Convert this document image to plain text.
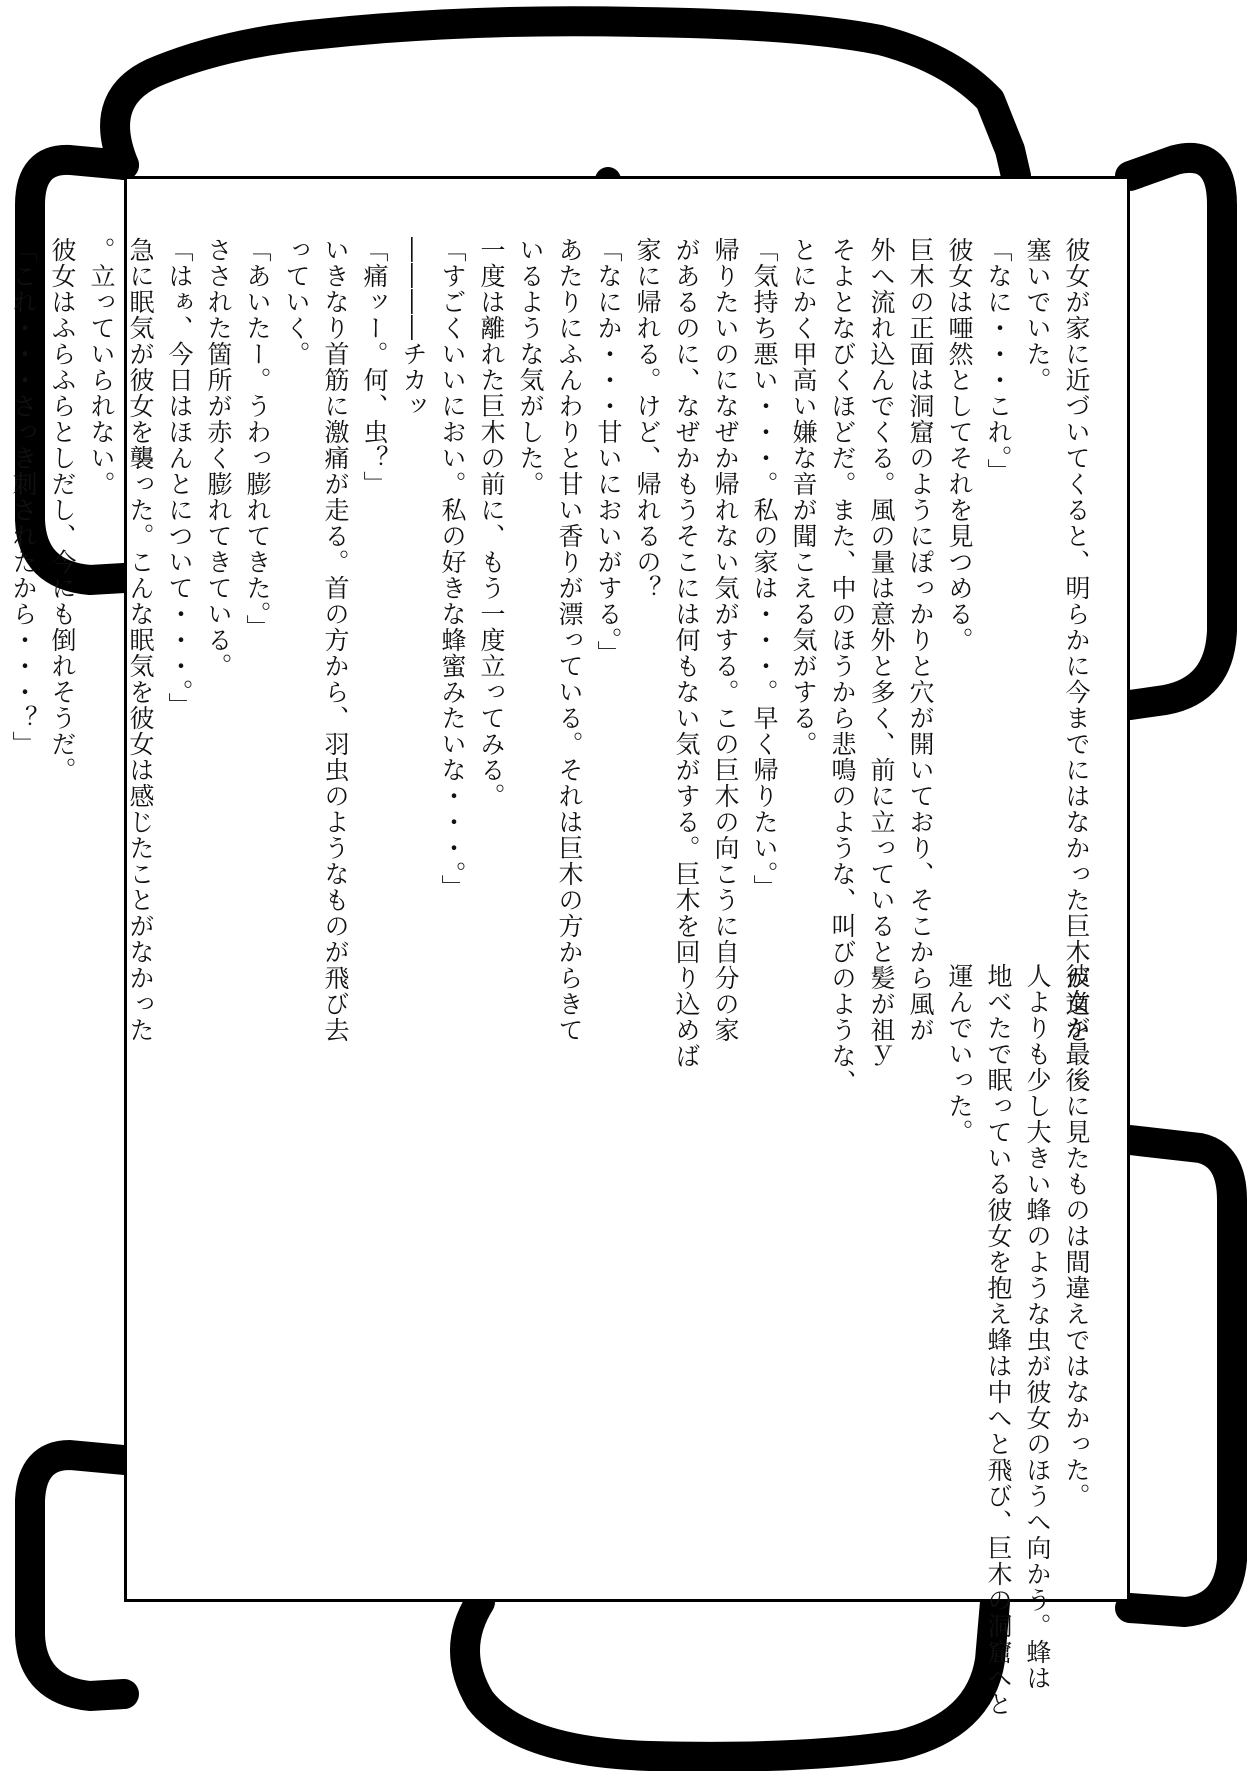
彼女が家に近づいてくると、明らかに今までにはなかった巨木が道を
塞いでいた。
「なに・・・これ。」
彼女は唖然としてそれを見つめる。
巨木の正面は洞窟のようにぽっかりと穴が開いており、そこから風が
外へ流れ込んでくる。風の量は意外と多く、前に立っていると髪が祖ｙ
そよとなびくほどだ。また、中のほうから悲鳴のような、叫びのような、
とにかく甲高い嫌な音が聞こえる気がする。
「気持ち悪い・・・。私の家は・・・。早く帰りたい。」
帰りたいのになぜか帰れない気がする。この巨木の向こうに自分の家
があるのに、なぜかもうそこには何もない気がする。巨木を回り込めば
家に帰れる。けど、帰れるの？
「なにか・・・甘いにおいがする。」
あたりにふんわりと甘い香りが漂っている。それは巨木の方からきて
いるような気がした。
一度は離れた巨木の前に、もう一度立ってみる。
「すごくいいにおい。私の好きな蜂蜜みたいな・・・。」
――――チカッ
「痛ッー。何、虫？」
いきなり首筋に激痛が走る。首の方から、羽虫のようなものが飛び去
っていく。
「あいたー。うわっ膨れてきた。」
さされた箇所が赤く膨れてきている。
「はぁ、今日はほんとについて・・・。」
急に眠気が彼女を襲った。こんな眠気を彼女は感じたことがなかった
。立っていられない。
彼女はふらふらとしだし、今にも倒れそうだ。
「これ・・・さっき刺されたから・・・？」
彼女が最後に見たものは間違えではなかった。
人よりも少し大きい蜂のような虫が彼女のほうへ向かう。蜂は
地べたで眠っている彼女を抱え蜂は中へと飛び、巨木の洞窟へと
運んでいった。
